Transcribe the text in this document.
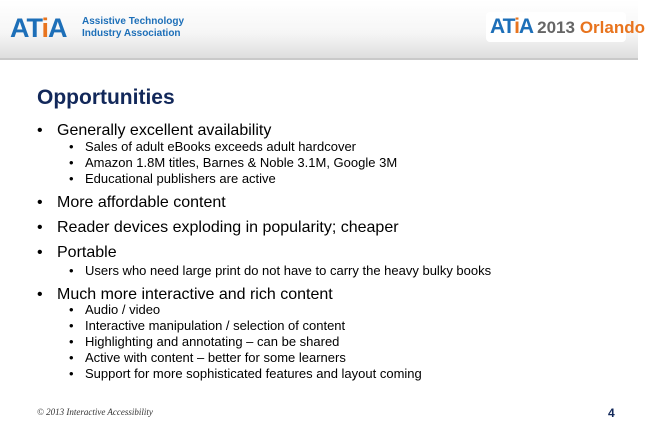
ATiA Assistive Technology
Industry Association	ATiA 2013 Orlando
Opportunities
• Generally excellent availability
• Sales of adult eBooks exceeds adult hardcover
• Amazon 1.8M titles, Barnes & Noble 3.1M, Google 3M
• Educational publishers are active
• More affordable content
• Reader devices exploding in popularity; cheaper
• Portable
• Users who need large print do not have to carry the heavy bulky books
• Much more interactive and rich content
• Audio / video
• Interactive manipulation / selection of content
• Highlighting and annotating – can be shared
• Active with content – better for some learners
• Support for more sophisticated features and layout coming
© 2013 Interactive Accessibility	4
